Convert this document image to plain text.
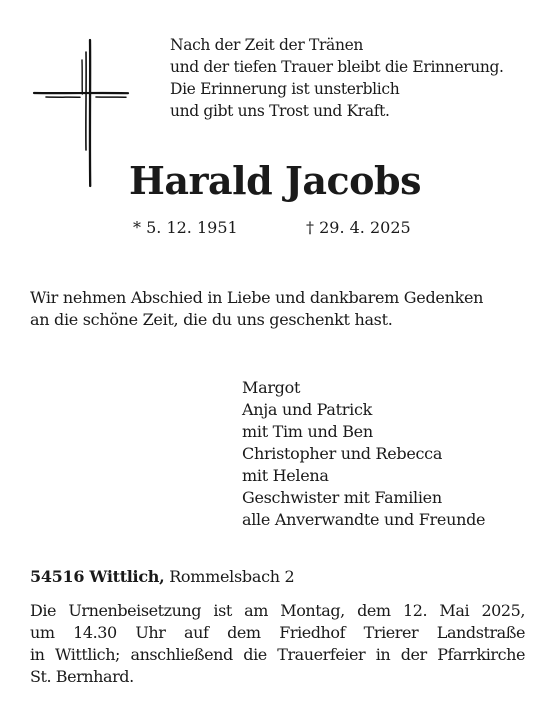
Nach der Zeit der Tränen
und der tiefen Trauer bleibt die Erinnerung.
Die Erinnerung ist unsterblich
und gibt uns Trost und Kraft.
Harald Jacobs
* 5. 12. 1951	† 29. 4. 2025
Wir nehmen Abschied in Liebe und dankbarem Gedenken
an die schöne Zeit, die du uns geschenkt hast.
Margot
Anja und Patrick
mit Tim und Ben
Christopher und Rebecca
mit Helena
Geschwister mit Familien
alle Anverwandte und Freunde
54516 Wittlich, Rommelsbach 2
Die Urnenbeisetzung ist am Montag, dem 12. Mai 2025,
um 14.30 Uhr auf dem Friedhof Trierer Landstraße
in Wittlich; anschließend die Trauerfeier in der Pfarrkirche
St. Bernhard.
